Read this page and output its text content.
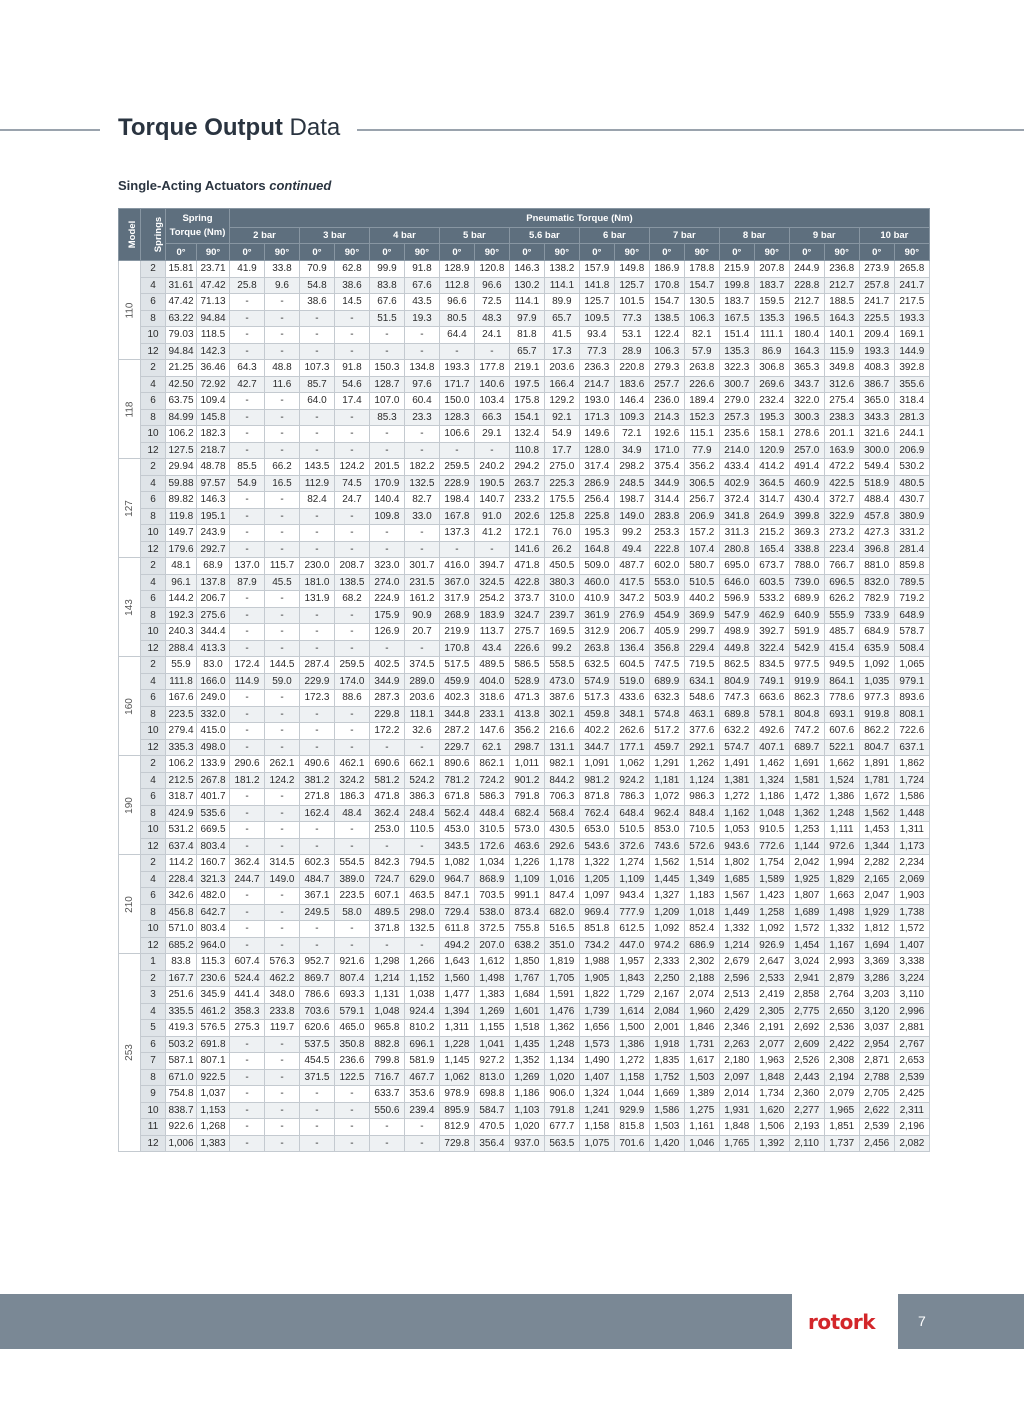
Torque Output Data
Single-Acting Actuators continued
Model	Springs	Spring Torque (Nm)		Pneumatic Torque (Nm)																			
				2 bar		3 bar		4 bar		5 bar		5.6 bar		6 bar		7 bar		8 bar		9 bar		10 bar	
		0°	90°	0°	90°	0°	90°	0°	90°	0°	90°	0°	90°	0°	90°	0°	90°	0°	90°	0°	90°	0°	90°
110	2	15.81	23.71	41.9	33.8	70.9	62.8	99.9	91.8	128.9	120.8	146.3	138.2	157.9	149.8	186.9	178.8	215.9	207.8	244.9	236.8	273.9	265.8
	4	31.61	47.42	25.8	9.6	54.8	38.6	83.8	67.6	112.8	96.6	130.2	114.1	141.8	125.7	170.8	154.7	199.8	183.7	228.8	212.7	257.8	241.7
	6	47.42	71.13	-	-	38.6	14.5	67.6	43.5	96.6	72.5	114.1	89.9	125.7	101.5	154.7	130.5	183.7	159.5	212.7	188.5	241.7	217.5
	8	63.22	94.84	-	-	-	-	51.5	19.3	80.5	48.3	97.9	65.7	109.5	77.3	138.5	106.3	167.5	135.3	196.5	164.3	225.5	193.3
	10	79.03	118.5	-	-	-	-	-	-	64.4	24.1	81.8	41.5	93.4	53.1	122.4	82.1	151.4	111.1	180.4	140.1	209.4	169.1
	12	94.84	142.3	-	-	-	-	-	-	-	-	65.7	17.3	77.3	28.9	106.3	57.9	135.3	86.9	164.3	115.9	193.3	144.9
118	2	21.25	36.46	64.3	48.8	107.3	91.8	150.3	134.8	193.3	177.8	219.1	203.6	236.3	220.8	279.3	263.8	322.3	306.8	365.3	349.8	408.3	392.8
	4	42.50	72.92	42.7	11.6	85.7	54.6	128.7	97.6	171.7	140.6	197.5	166.4	214.7	183.6	257.7	226.6	300.7	269.6	343.7	312.6	386.7	355.6
	6	63.75	109.4	-	-	64.0	17.4	107.0	60.4	150.0	103.4	175.8	129.2	193.0	146.4	236.0	189.4	279.0	232.4	322.0	275.4	365.0	318.4
	8	84.99	145.8	-	-	-	-	85.3	23.3	128.3	66.3	154.1	92.1	171.3	109.3	214.3	152.3	257.3	195.3	300.3	238.3	343.3	281.3
	10	106.2	182.3	-	-	-	-	-	-	106.6	29.1	132.4	54.9	149.6	72.1	192.6	115.1	235.6	158.1	278.6	201.1	321.6	244.1
	12	127.5	218.7	-	-	-	-	-	-	-	-	110.8	17.7	128.0	34.9	171.0	77.9	214.0	120.9	257.0	163.9	300.0	206.9
127	2	29.94	48.78	85.5	66.2	143.5	124.2	201.5	182.2	259.5	240.2	294.2	275.0	317.4	298.2	375.4	356.2	433.4	414.2	491.4	472.2	549.4	530.2
	4	59.88	97.57	54.9	16.5	112.9	74.5	170.9	132.5	228.9	190.5	263.7	225.3	286.9	248.5	344.9	306.5	402.9	364.5	460.9	422.5	518.9	480.5
	6	89.82	146.3	-	-	82.4	24.7	140.4	82.7	198.4	140.7	233.2	175.5	256.4	198.7	314.4	256.7	372.4	314.7	430.4	372.7	488.4	430.7
	8	119.8	195.1	-	-	-	-	109.8	33.0	167.8	91.0	202.6	125.8	225.8	149.0	283.8	206.9	341.8	264.9	399.8	322.9	457.8	380.9
	10	149.7	243.9	-	-	-	-	-	-	137.3	41.2	172.1	76.0	195.3	99.2	253.3	157.2	311.3	215.2	369.3	273.2	427.3	331.2
	12	179.6	292.7	-	-	-	-	-	-	-	-	141.6	26.2	164.8	49.4	222.8	107.4	280.8	165.4	338.8	223.4	396.8	281.4
143	2	48.1	68.9	137.0	115.7	230.0	208.7	323.0	301.7	416.0	394.7	471.8	450.5	509.0	487.7	602.0	580.7	695.0	673.7	788.0	766.7	881.0	859.8
	4	96.1	137.8	87.9	45.5	181.0	138.5	274.0	231.5	367.0	324.5	422.8	380.3	460.0	417.5	553.0	510.5	646.0	603.5	739.0	696.5	832.0	789.5
	6	144.2	206.7	-	-	131.9	68.2	224.9	161.2	317.9	254.2	373.7	310.0	410.9	347.2	503.9	440.2	596.9	533.2	689.9	626.2	782.9	719.2
	8	192.3	275.6	-	-	-	-	175.9	90.9	268.9	183.9	324.7	239.7	361.9	276.9	454.9	369.9	547.9	462.9	640.9	555.9	733.9	648.9
	10	240.3	344.4	-	-	-	-	126.9	20.7	219.9	113.7	275.7	169.5	312.9	206.7	405.9	299.7	498.9	392.7	591.9	485.7	684.9	578.7
	12	288.4	413.3	-	-	-	-	-	-	170.8	43.4	226.6	99.2	263.8	136.4	356.8	229.4	449.8	322.4	542.9	415.4	635.9	508.4
160	2	55.9	83.0	172.4	144.5	287.4	259.5	402.5	374.5	517.5	489.5	586.5	558.5	632.5	604.5	747.5	719.5	862.5	834.5	977.5	949.5	1,092	1,065
	4	111.8	166.0	114.9	59.0	229.9	174.0	344.9	289.0	459.9	404.0	528.9	473.0	574.9	519.0	689.9	634.1	804.9	749.1	919.9	864.1	1,035	979.1
	6	167.6	249.0	-	-	172.3	88.6	287.3	203.6	402.3	318.6	471.3	387.6	517.3	433.6	632.3	548.6	747.3	663.6	862.3	778.6	977.3	893.6
	8	223.5	332.0	-	-	-	-	229.8	118.1	344.8	233.1	413.8	302.1	459.8	348.1	574.8	463.1	689.8	578.1	804.8	693.1	919.8	808.1
	10	279.4	415.0	-	-	-	-	172.2	32.6	287.2	147.6	356.2	216.6	402.2	262.6	517.2	377.6	632.2	492.6	747.2	607.6	862.2	722.6
	12	335.3	498.0	-	-	-	-	-	-	229.7	62.1	298.7	131.1	344.7	177.1	459.7	292.1	574.7	407.1	689.7	522.1	804.7	637.1
190	2	106.2	133.9	290.6	262.1	490.6	462.1	690.6	662.1	890.6	862.1	1,011	982.1	1,091	1,062	1,291	1,262	1,491	1,462	1,691	1,662	1,891	1,862
	4	212.5	267.8	181.2	124.2	381.2	324.2	581.2	524.2	781.2	724.2	901.2	844.2	981.2	924.2	1,181	1,124	1,381	1,324	1,581	1,524	1,781	1,724
	6	318.7	401.7	-	-	271.8	186.3	471.8	386.3	671.8	586.3	791.8	706.3	871.8	786.3	1,072	986.3	1,272	1,186	1,472	1,386	1,672	1,586
	8	424.9	535.6	-	-	162.4	48.4	362.4	248.4	562.4	448.4	682.4	568.4	762.4	648.4	962.4	848.4	1,162	1,048	1,362	1,248	1,562	1,448
	10	531.2	669.5	-	-	-	-	253.0	110.5	453.0	310.5	573.0	430.5	653.0	510.5	853.0	710.5	1,053	910.5	1,253	1,111	1,453	1,311
	12	637.4	803.4	-	-	-	-	-	-	343.5	172.6	463.6	292.6	543.6	372.6	743.6	572.6	943.6	772.6	1,144	972.6	1,344	1,173
210	2	114.2	160.7	362.4	314.5	602.3	554.5	842.3	794.5	1,082	1,034	1,226	1,178	1,322	1,274	1,562	1,514	1,802	1,754	2,042	1,994	2,282	2,234
	4	228.4	321.3	244.7	149.0	484.7	389.0	724.7	629.0	964.7	868.9	1,109	1,016	1,205	1,109	1,445	1,349	1,685	1,589	1,925	1,829	2,165	2,069
	6	342.6	482.0	-	-	367.1	223.5	607.1	463.5	847.1	703.5	991.1	847.4	1,097	943.4	1,327	1,183	1,567	1,423	1,807	1,663	2,047	1,903
	8	456.8	642.7	-	-	249.5	58.0	489.5	298.0	729.4	538.0	873.4	682.0	969.4	777.9	1,209	1,018	1,449	1,258	1,689	1,498	1,929	1,738
	10	571.0	803.4	-	-	-	-	371.8	132.5	611.8	372.5	755.8	516.5	851.8	612.5	1,092	852.4	1,332	1,092	1,572	1,332	1,812	1,572
	12	685.2	964.0	-	-	-	-	-	-	494.2	207.0	638.2	351.0	734.2	447.0	974.2	686.9	1,214	926.9	1,454	1,167	1,694	1,407
253	1	83.8	115.3	607.4	576.3	952.7	921.6	1,298	1,266	1,643	1,612	1,850	1,819	1,988	1,957	2,333	2,302	2,679	2,647	3,024	2,993	3,369	3,338
	2	167.7	230.6	524.4	462.2	869.7	807.4	1,214	1,152	1,560	1,498	1,767	1,705	1,905	1,843	2,250	2,188	2,596	2,533	2,941	2,879	3,286	3,224
	3	251.6	345.9	441.4	348.0	786.6	693.3	1,131	1,038	1,477	1,383	1,684	1,591	1,822	1,729	2,167	2,074	2,513	2,419	2,858	2,764	3,203	3,110
	4	335.5	461.2	358.3	233.8	703.6	579.1	1,048	924.4	1,394	1,269	1,601	1,476	1,739	1,614	2,084	1,960	2,429	2,305	2,775	2,650	3,120	2,996
	5	419.3	576.5	275.3	119.7	620.6	465.0	965.8	810.2	1,311	1,155	1,518	1,362	1,656	1,500	2,001	1,846	2,346	2,191	2,692	2,536	3,037	2,881
	6	503.2	691.8	-	-	537.5	350.8	882.8	696.1	1,228	1,041	1,435	1,248	1,573	1,386	1,918	1,731	2,263	2,077	2,609	2,422	2,954	2,767
	7	587.1	807.1	-	-	454.5	236.6	799.8	581.9	1,145	927.2	1,352	1,134	1,490	1,272	1,835	1,617	2,180	1,963	2,526	2,308	2,871	2,653
	8	671.0	922.5	-	-	371.5	122.5	716.7	467.7	1,062	813.0	1,269	1,020	1,407	1,158	1,752	1,503	2,097	1,848	2,443	2,194	2,788	2,539
	9	754.8	1,037	-	-	-	-	633.7	353.6	978.9	698.8	1,186	906.0	1,324	1,044	1,669	1,389	2,014	1,734	2,360	2,079	2,705	2,425
	10	838.7	1,153	-	-	-	-	550.6	239.4	895.9	584.7	1,103	791.8	1,241	929.9	1,586	1,275	1,931	1,620	2,277	1,965	2,622	2,311
	11	922.6	1,268	-	-	-	-	-	-	812.9	470.5	1,020	677.7	1,158	815.8	1,503	1,161	1,848	1,506	2,193	1,851	2,539	2,196
	12	1,006	1,383	-	-	-	-	-	-	729.8	356.4	937.0	563.5	1,075	701.6	1,420	1,046	1,765	1,392	2,110	1,737	2,456	2,082
rotork	7
